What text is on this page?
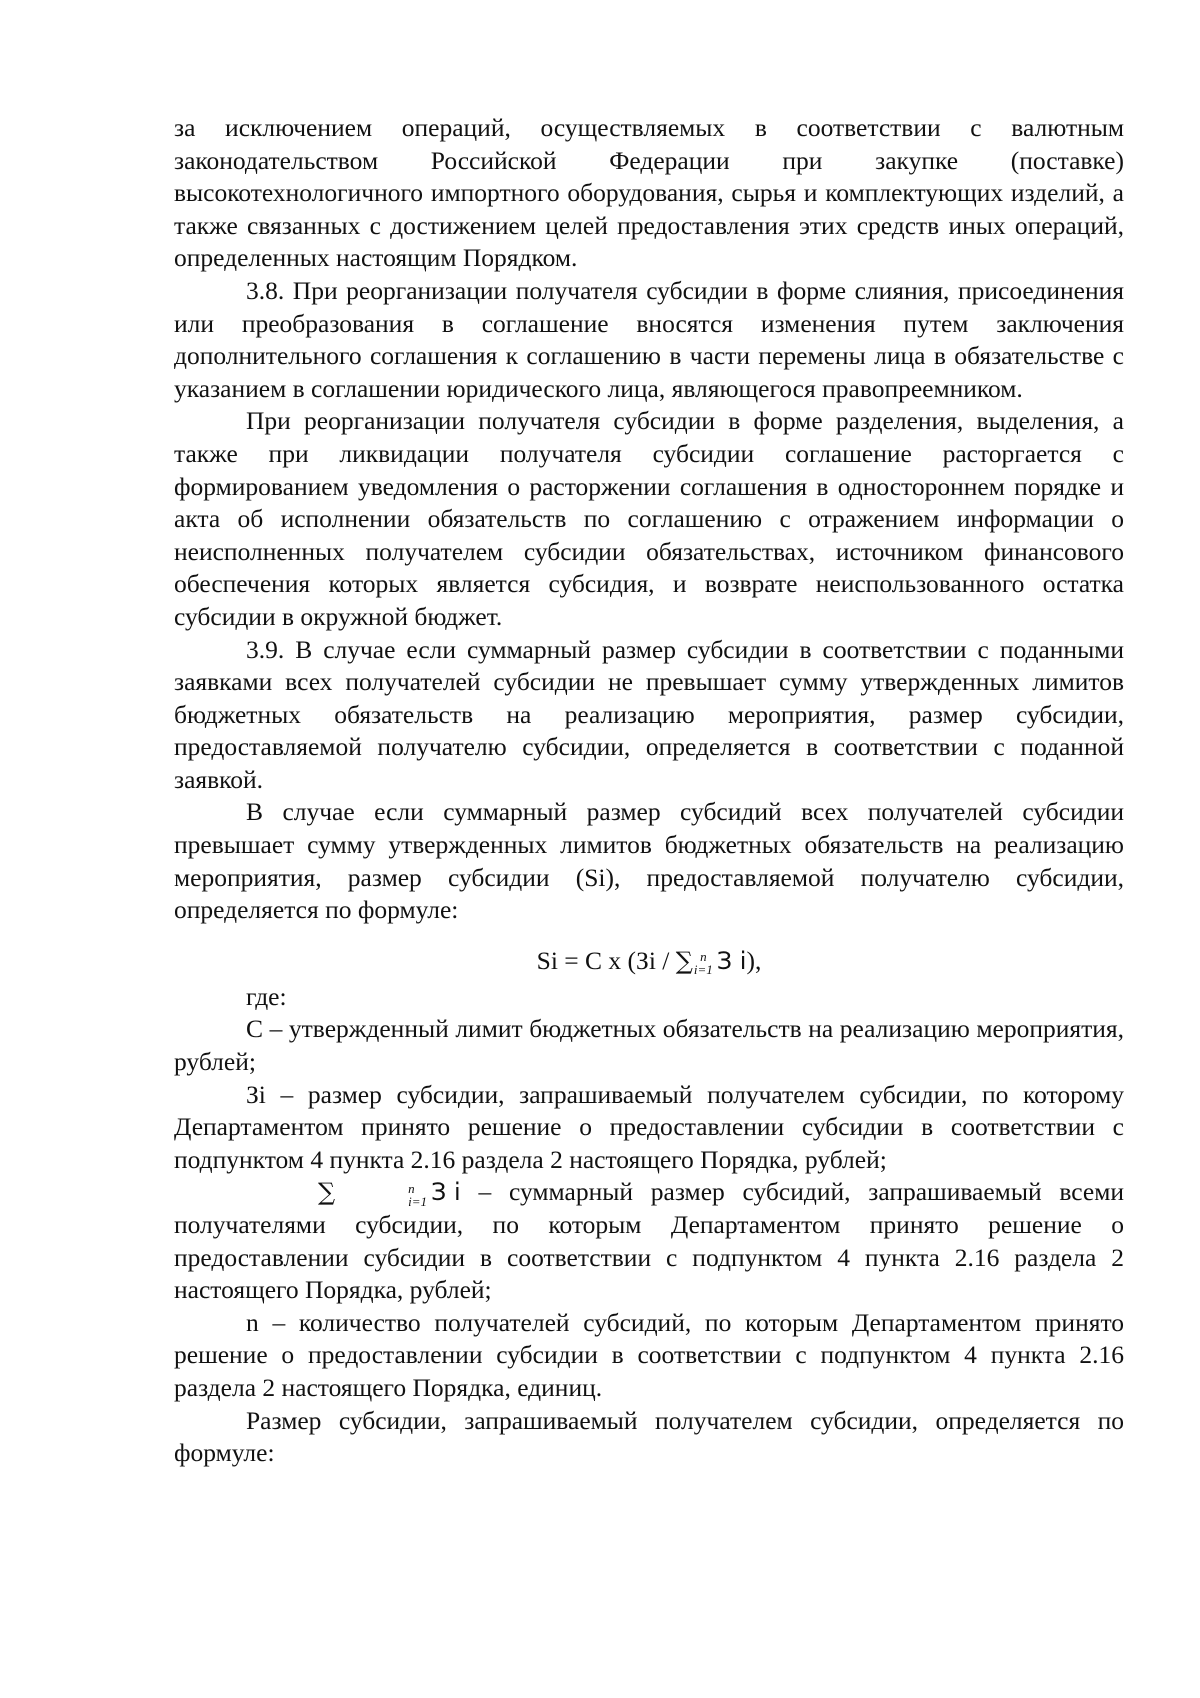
за исключением операций, осуществляемых в соответствии с валютным законодательством Российской Федерации при закупке (поставке) высокотехнологичного импортного оборудования, сырья и комплектующих изделий, а также связанных с достижением целей предоставления этих средств иных операций, определенных настоящим Порядком.

3.8. При реорганизации получателя субсидии в форме слияния, присоединения или преобразования в соглашение вносятся изменения путем заключения дополнительного соглашения к соглашению в части перемены лица в обязательстве с указанием в соглашении юридического лица, являющегося правопреемником.

При реорганизации получателя субсидии в форме разделения, выделения, а также при ликвидации получателя субсидии соглашение расторгается с формированием уведомления о расторжении соглашения в одностороннем порядке и акта об исполнении обязательств по соглашению с отражением информации о неисполненных получателем субсидии обязательствах, источником финансового обеспечения которых является субсидия, и возврате неиспользованного остатка субсидии в окружной бюджет.

3.9. В случае если суммарный размер субсидии в соответствии с поданными заявками всех получателей субсидии не превышает сумму утвержденных лимитов бюджетных обязательств на реализацию мероприятия, размер субсидии, предоставляемой получателю субсидии, определяется в соответствии с поданной заявкой.

В случае если суммарный размер субсидий всех получателей субсидии превышает сумму утвержденных лимитов бюджетных обязательств на реализацию мероприятия, размер субсидии (Si), предоставляемой получателю субсидии, определяется по формуле:

Si = C x (Зi / ∑ n
i=1 З i),

где:

С – утвержденный лимит бюджетных обязательств на реализацию мероприятия, рублей;

Зi – размер субсидии, запрашиваемый получателем субсидии, по которому Департаментом принято решение о предоставлении субсидии в соответствии с подпунктом 4 пункта 2.16 раздела 2 настоящего Порядка, рублей;

∑	n
i=1 З i – суммарный размер субсидий, запрашиваемый всеми получателями субсидии, по которым Департаментом принято решение о предоставлении субсидии в соответствии с подпунктом 4 пункта 2.16 раздела 2 настоящего Порядка, рублей;

n – количество получателей субсидий, по которым Департаментом принято решение о предоставлении субсидии в соответствии с подпунктом 4 пункта 2.16 раздела 2 настоящего Порядка, единиц.

Размер субсидии, запрашиваемый получателем субсидии, определяется по формуле:
